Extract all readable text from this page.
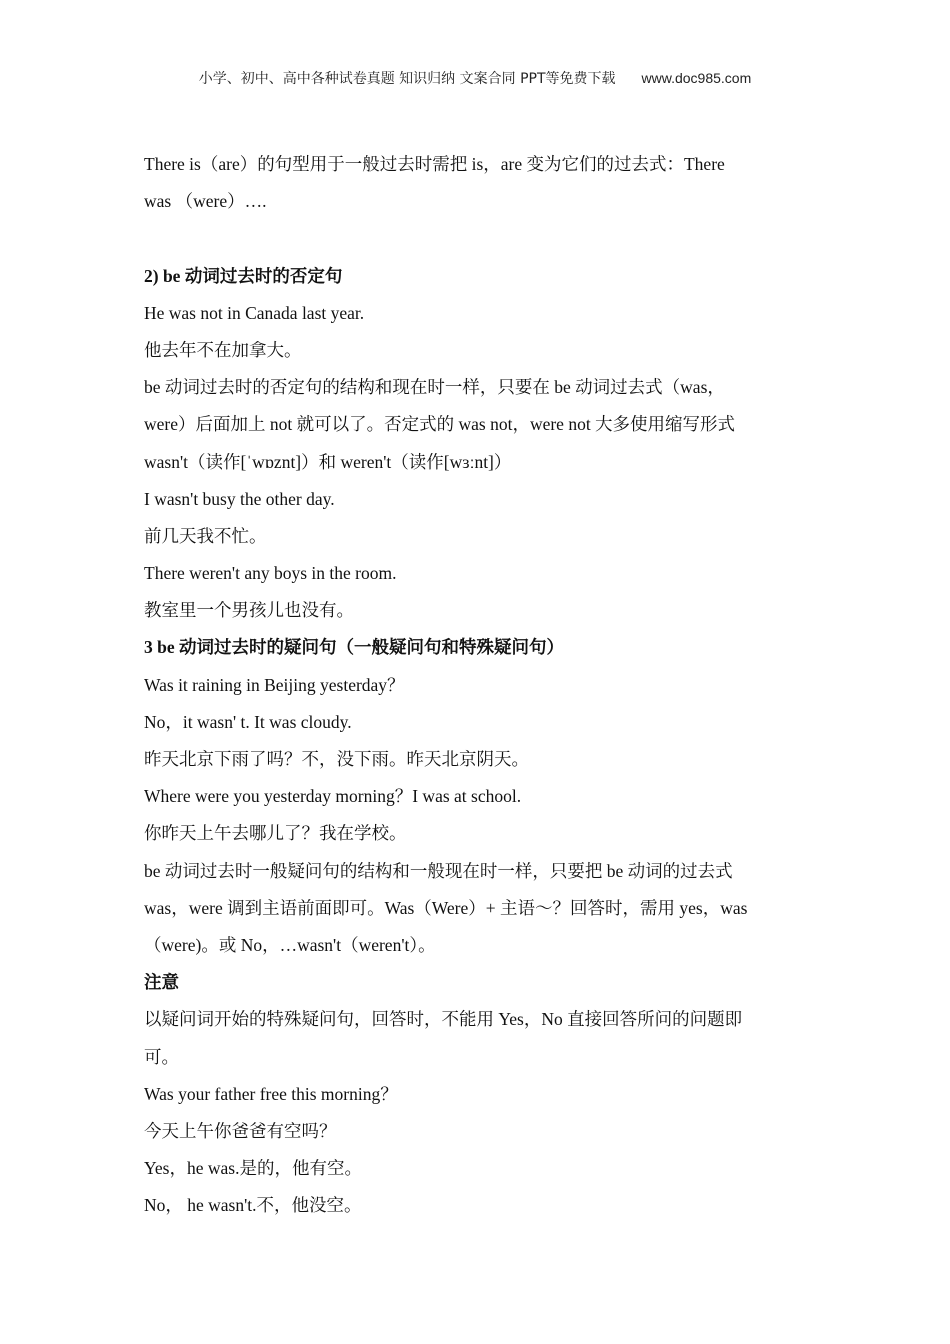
小学、初中、高中各种试卷真题 知识归纳 文案合同 PPT等免费下载 www.doc985.com
There is（are）的句型用于一般过去时需把 is，are 变为它们的过去式：There
was （were）….
2) be 动词过去时的否定句
He was not in Canada last year.
他去年不在加拿大。
be 动词过去时的否定句的结构和现在时一样，只要在 be 动词过去式（was，
were）后面加上 not 就可以了。否定式的 was not，were not 大多使用缩写形式
wasn't（读作[ˈwɒznt]）和 weren't（读作[wɜːnt]）
I wasn't busy the other day.
前几天我不忙。
There weren't any boys in the room.
教室里一个男孩儿也没有。
3 be 动词过去时的疑问句（一般疑问句和特殊疑问句）
Was it raining in Beijing yesterday？
No，it wasn' t. It was cloudy.
昨天北京下雨了吗？不，没下雨。昨天北京阴天。
Where were you yesterday morning？I was at school.
你昨天上午去哪儿了？我在学校。
be 动词过去时一般疑问句的结构和一般现在时一样，只要把 be 动词的过去式
was，were 调到主语前面即可。Was（Were）+ 主语～？回答时，需用 yes，was
（were)。或 No，…wasn't（weren't）。
注意
以疑问词开始的特殊疑问句，回答时，不能用 Yes，No 直接回答所问的问题即
可。
Was your father free this morning？
今天上午你爸爸有空吗？
Yes，he was.是的，他有空。
No， he wasn't.不，他没空。
